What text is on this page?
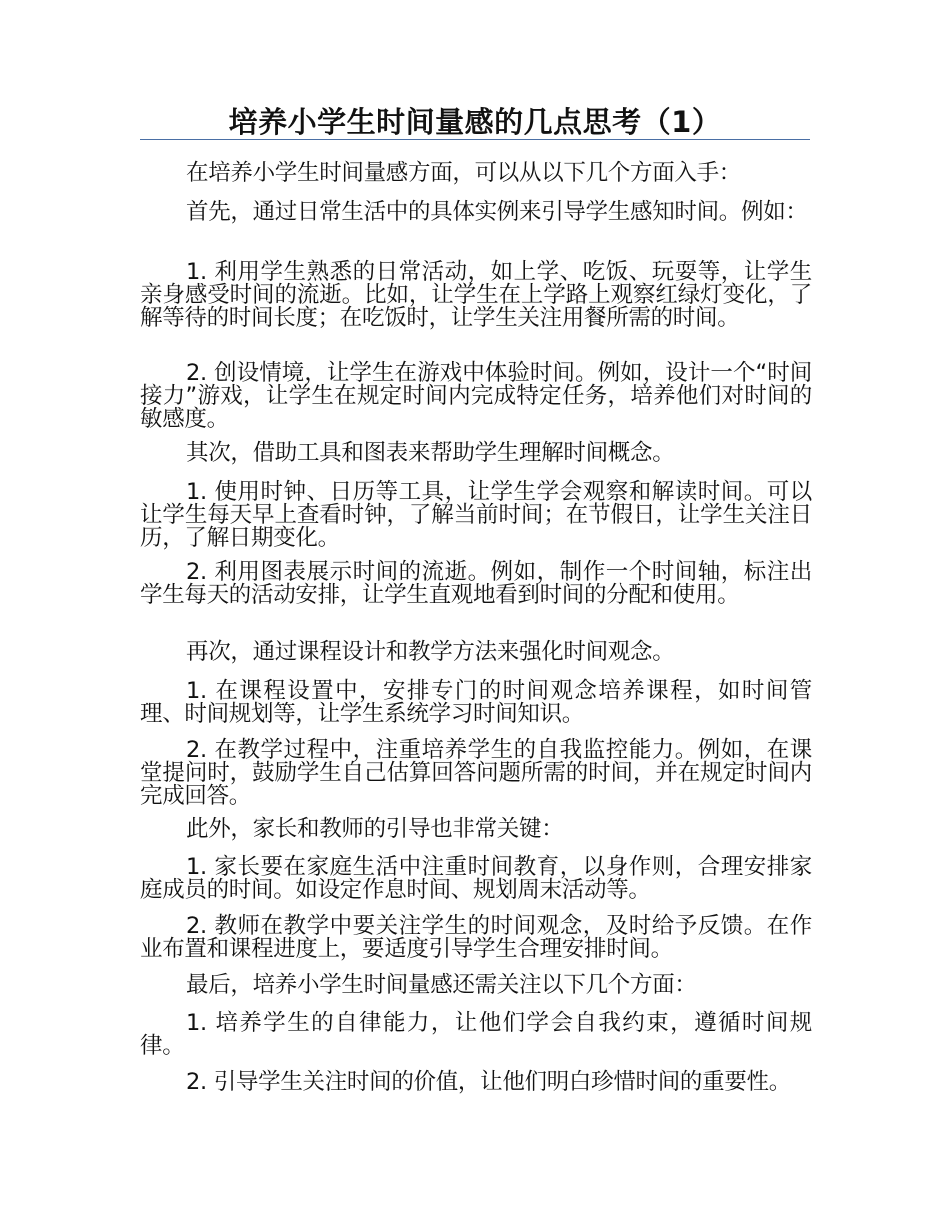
培养小学生时间量感的几点思考（1）

在培养小学生时间量感方面，可以从以下几个方面入手：

首先，通过日常生活中的具体实例来引导学生感知时间。例如：

1. 利用学生熟悉的日常活动，如上学、吃饭、玩耍等，让学生亲身感受时间的流逝。比如，让学生在上学路上观察红绿灯变化，了解等待的时间长度；在吃饭时，让学生关注用餐所需的时间。

2. 创设情境，让学生在游戏中体验时间。例如，设计一个“时间接力”游戏，让学生在规定时间内完成特定任务，培养他们对时间的敏感度。

其次，借助工具和图表来帮助学生理解时间概念。

1. 使用时钟、日历等工具，让学生学会观察和解读时间。可以让学生每天早上查看时钟，了解当前时间；在节假日，让学生关注日历，了解日期变化。

2. 利用图表展示时间的流逝。例如，制作一个时间轴，标注出学生每天的活动安排，让学生直观地看到时间的分配和使用。

再次，通过课程设计和教学方法来强化时间观念。

1. 在课程设置中，安排专门的时间观念培养课程，如时间管理、时间规划等，让学生系统学习时间知识。

2. 在教学过程中，注重培养学生的自我监控能力。例如，在课堂提问时，鼓励学生自己估算回答问题所需的时间，并在规定时间内完成回答。

此外，家长和教师的引导也非常关键：

1. 家长要在家庭生活中注重时间教育，以身作则，合理安排家庭成员的时间。如设定作息时间、规划周末活动等。

2. 教师在教学中要关注学生的时间观念，及时给予反馈。在作业布置和课程进度上，要适度引导学生合理安排时间。

最后，培养小学生时间量感还需关注以下几个方面：

1. 培养学生的自律能力，让他们学会自我约束，遵循时间规律。

2. 引导学生关注时间的价值，让他们明白珍惜时间的重要性。
